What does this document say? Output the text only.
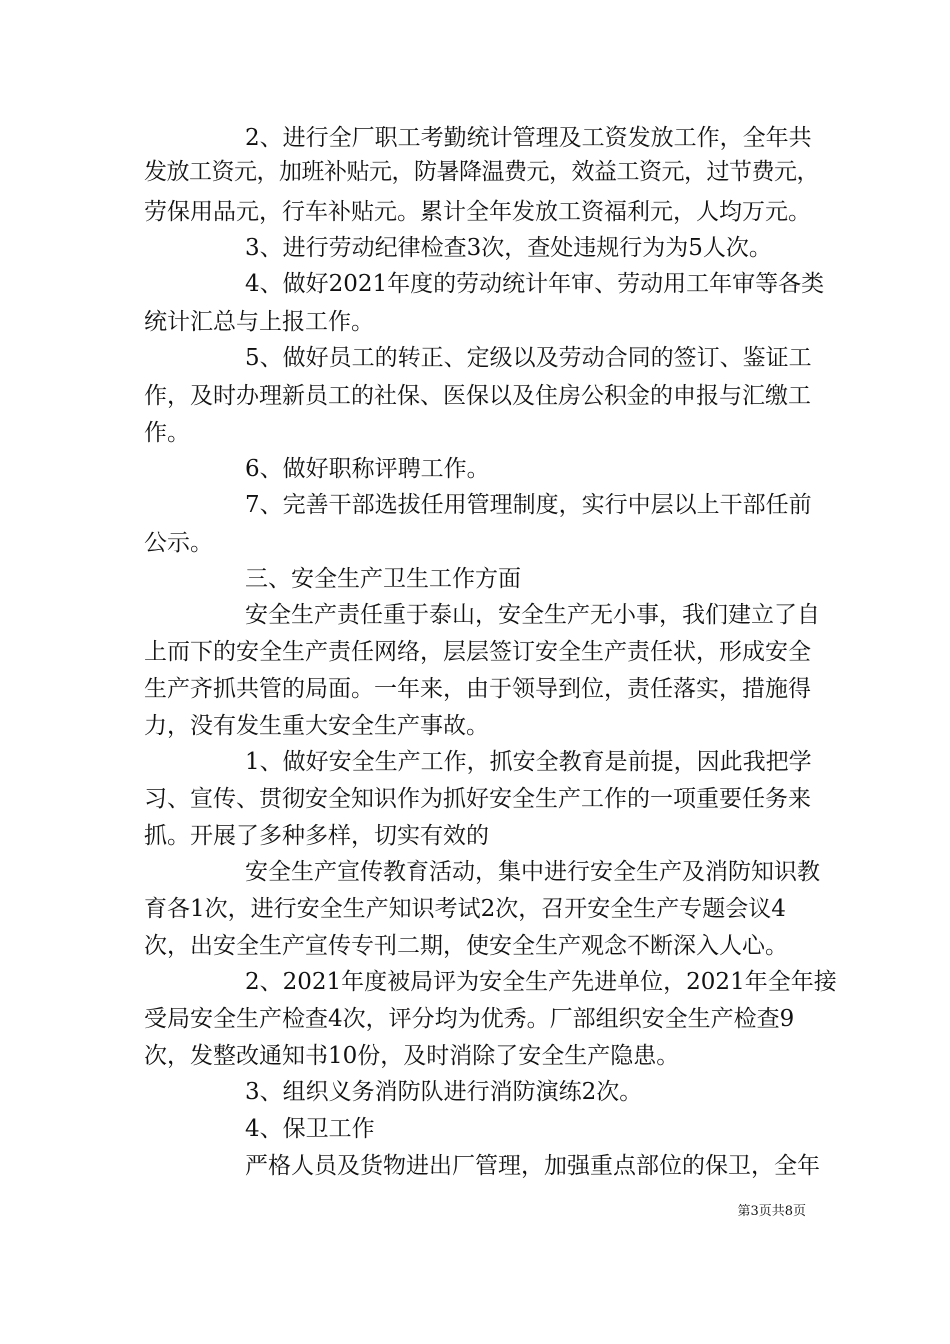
2、进行全厂职工考勤统计管理及工资发放工作，全年共
发放工资元，加班补贴元，防暑降温费元，效益工资元，过节费元，
劳保用品元，行车补贴元。累计全年发放工资福利元，人均万元。
3、进行劳动纪律检查3次，查处违规行为为5人次。
4、做好2021年度的劳动统计年审、劳动用工年审等各类
统计汇总与上报工作。
5、做好员工的转正、定级以及劳动合同的签订、鉴证工
作，及时办理新员工的社保、医保以及住房公积金的申报与汇缴工
作。
6、做好职称评聘工作。
7、完善干部选拔任用管理制度，实行中层以上干部任前
公示。
三、安全生产卫生工作方面
安全生产责任重于泰山，安全生产无小事，我们建立了自
上而下的安全生产责任网络，层层签订安全生产责任状，形成安全
生产齐抓共管的局面。一年来，由于领导到位，责任落实，措施得
力，没有发生重大安全生产事故。
1、做好安全生产工作，抓安全教育是前提，因此我把学
习、宣传、贯彻安全知识作为抓好安全生产工作的一项重要任务来
抓。开展了多种多样，切实有效的
安全生产宣传教育活动，集中进行安全生产及消防知识教
育各1次，进行安全生产知识考试2次，召开安全生产专题会议4
次，出安全生产宣传专刊二期，使安全生产观念不断深入人心。
2、2021年度被局评为安全生产先进单位，2021年全年接
受局安全生产检查4次，评分均为优秀。厂部组织安全生产检查9
次，发整改通知书10份，及时消除了安全生产隐患。
3、组织义务消防队进行消防演练2次。
4、保卫工作
严格人员及货物进出厂管理，加强重点部位的保卫，全年
第3页共8页
